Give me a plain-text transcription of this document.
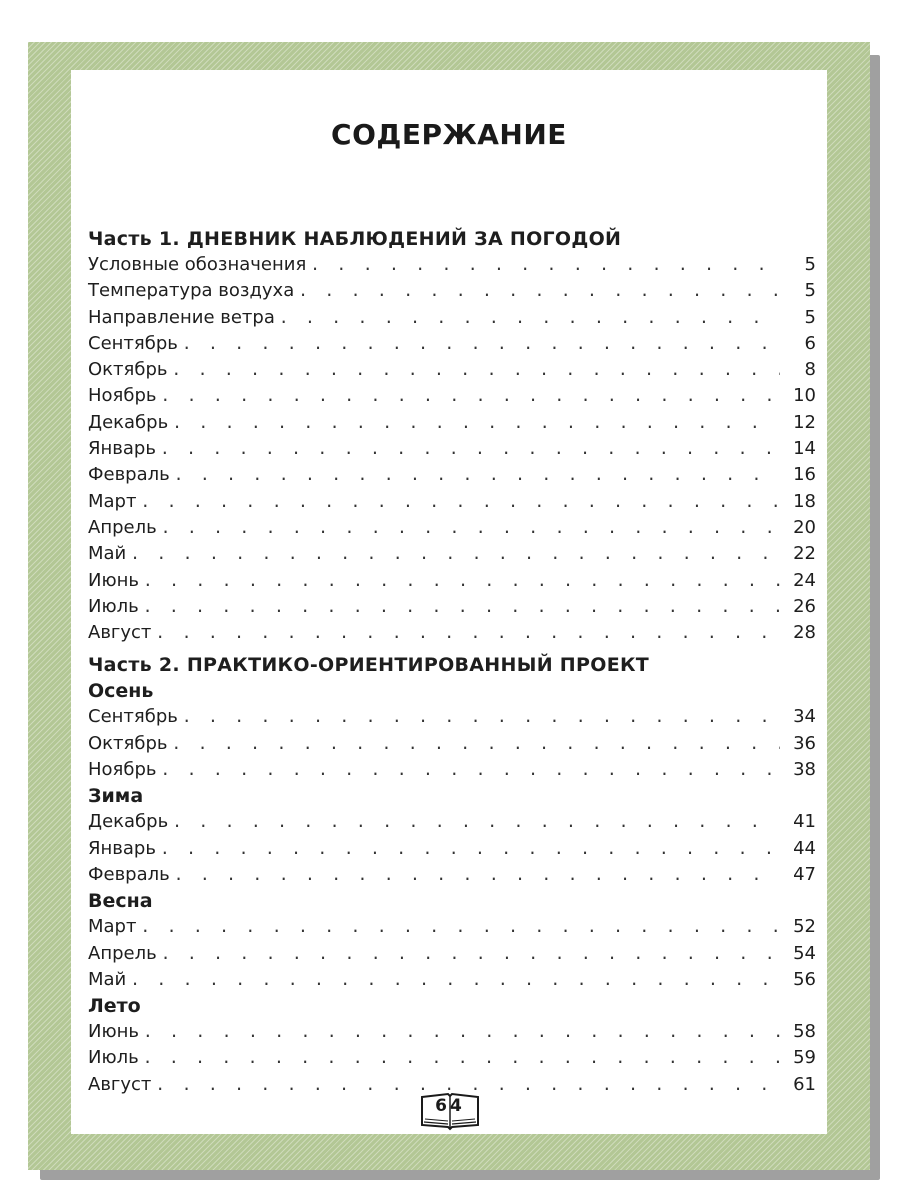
СОДЕРЖАНИЕ
Часть 1. ДНЕВНИК НАБЛЮДЕНИЙ ЗА ПОГОДОЙ
Условные обозначения . . .	5
Температура воздуха . . .	5
Направление ветра . . .	5
Сентябрь . . .	6
Октябрь . . .	8
Ноябрь . . .	10
Декабрь . . .	12
Январь . . .	14
Февраль . . .	16
Март . . .	18
Апрель . . .	20
Май . . .	22
Июнь . . .	24
Июль . . .	26
Август . . .	28
Часть 2. ПРАКТИКО-ОРИЕНТИРОВАННЫЙ ПРОЕКТ
Осень
Сентябрь . . .	34
Октябрь . . .	36
Ноябрь . . .	38
Зима
Декабрь . . .	41
Январь . . .	44
Февраль . . .	47
Весна
Март . . .	52
Апрель . . .	54
Май . . .	56
Лето
Июнь . . .	58
Июль . . .	59
Август . . .	61
64
